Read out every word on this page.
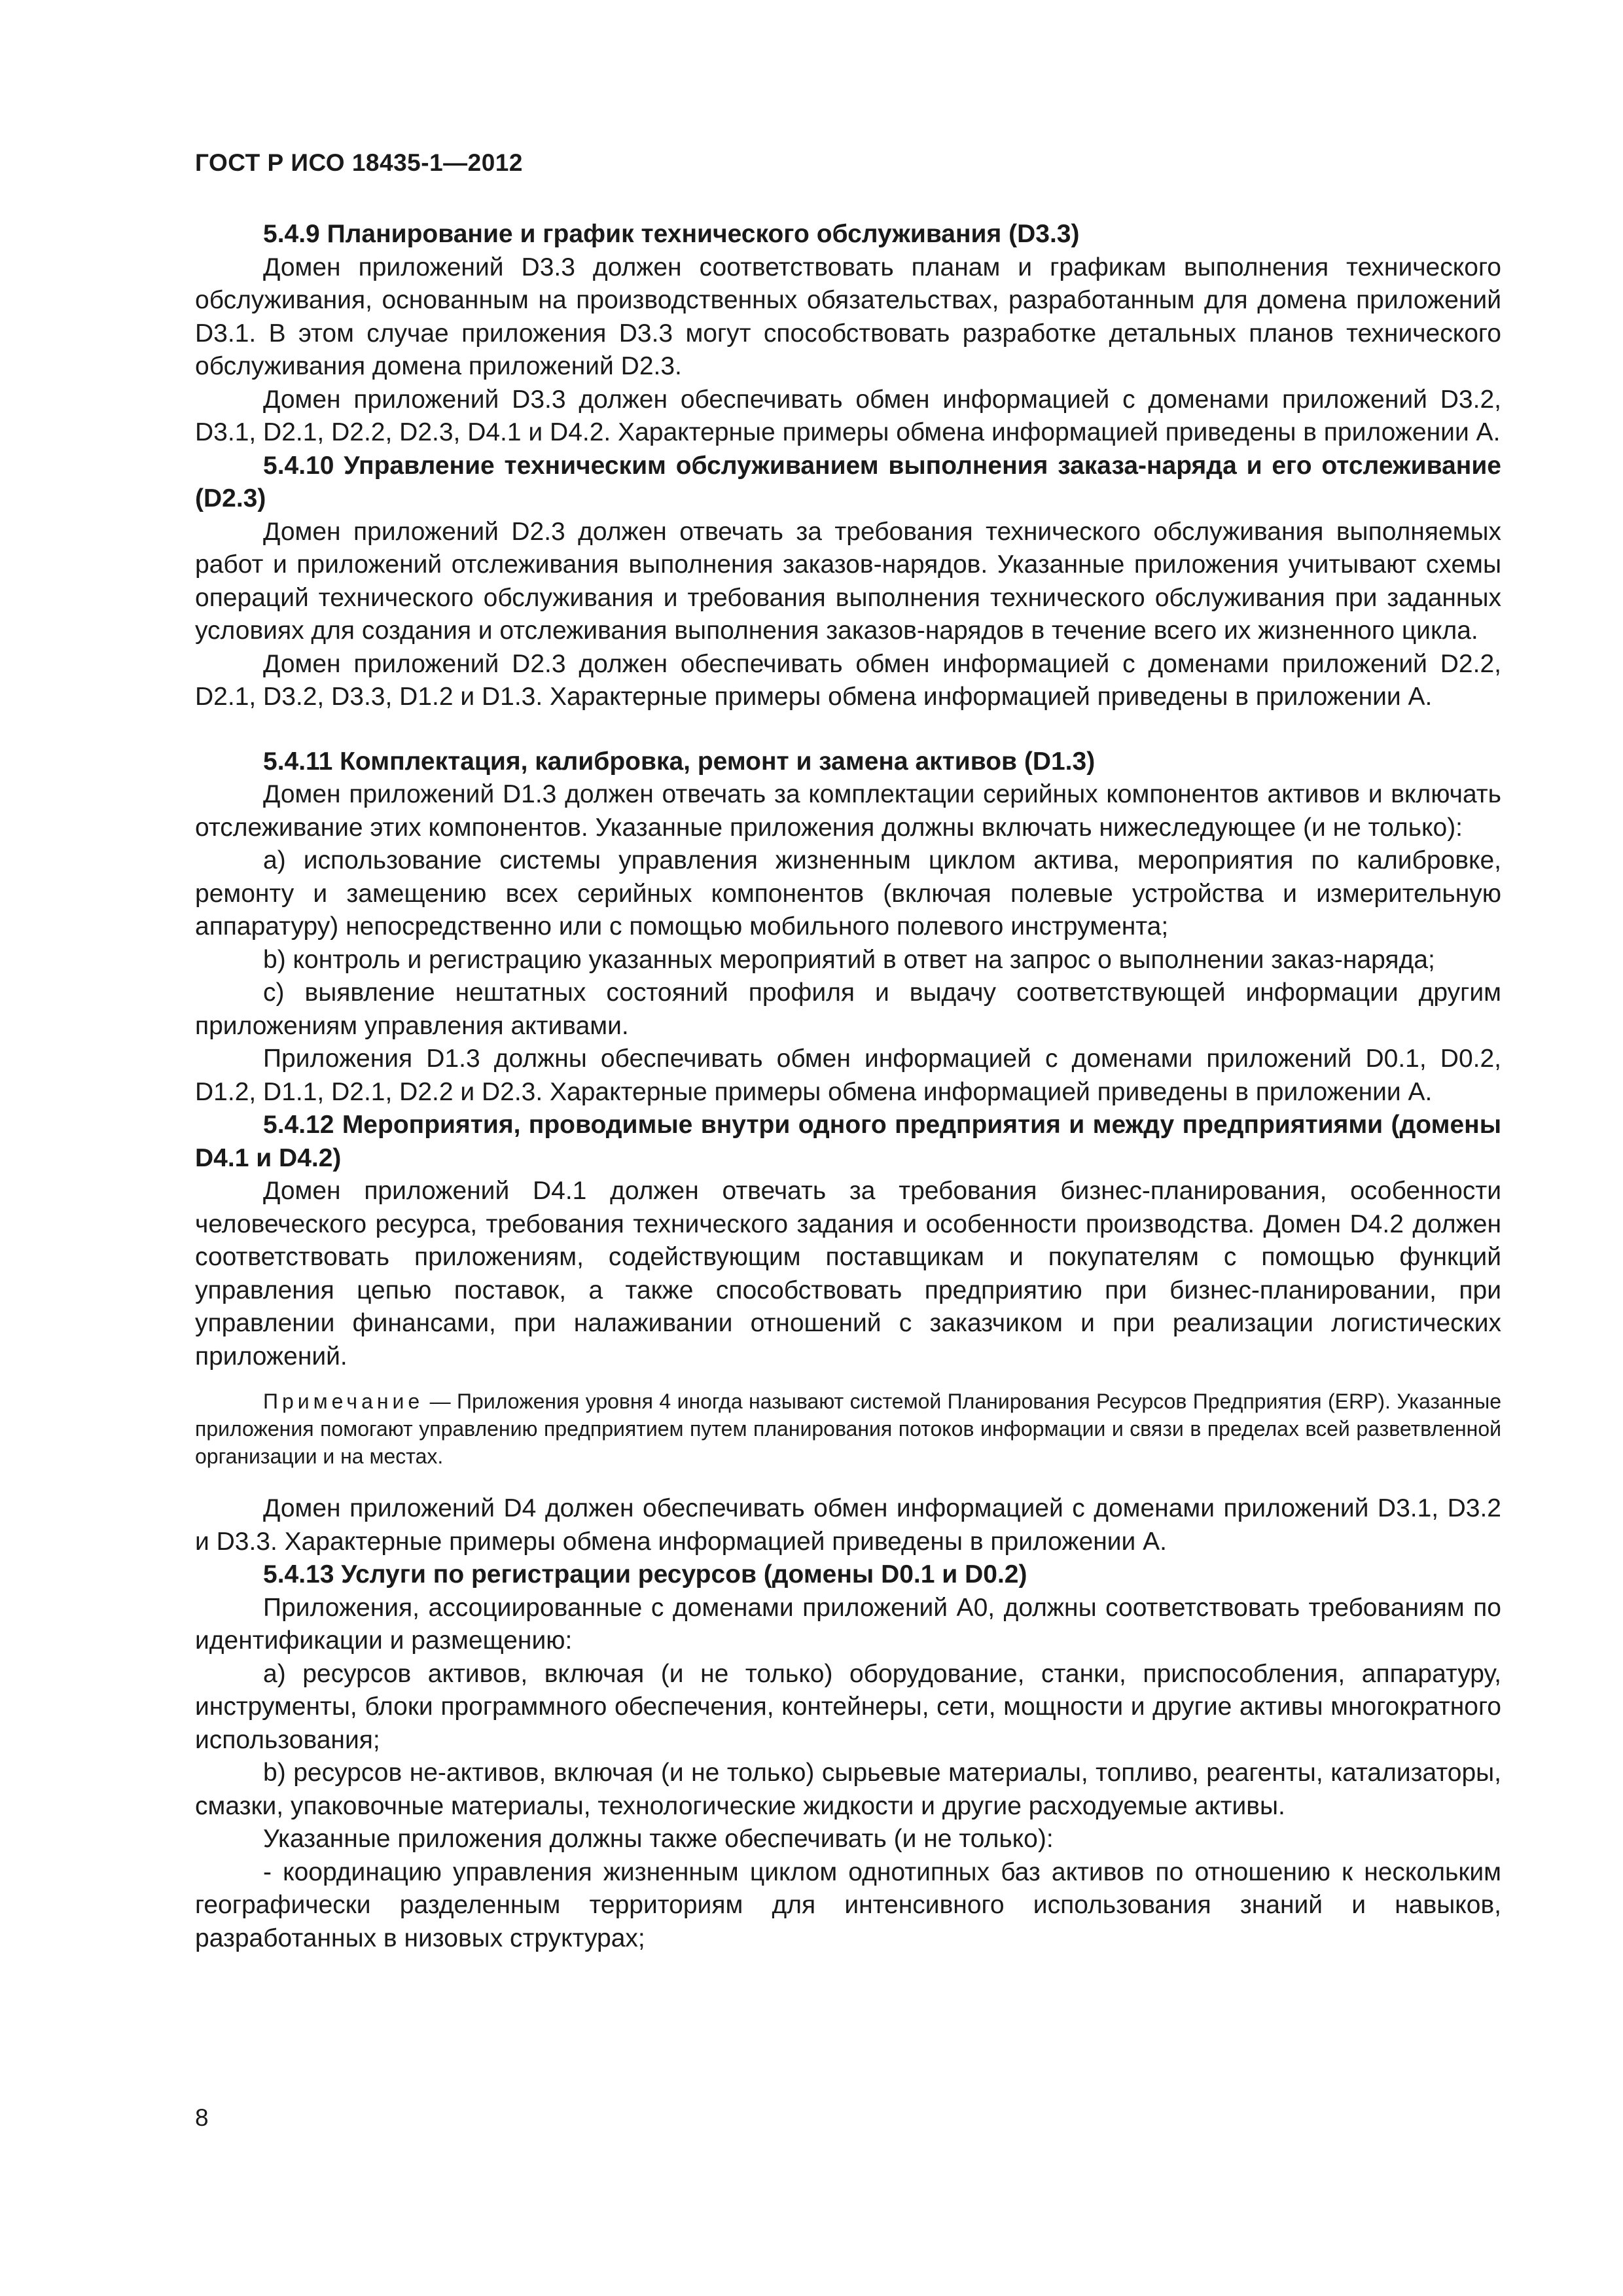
ГОСТ Р ИСО 18435-1—2012

5.4.9 Планирование и график технического обслуживания (D3.3)

Домен приложений D3.3 должен соответствовать планам и графикам выполнения технического обслуживания, основанным на производственных обязательствах, разработанным для домена приложений D3.1. В этом случае приложения D3.3 могут способствовать разработке детальных планов технического обслуживания домена приложений D2.3.

Домен приложений D3.3 должен обеспечивать обмен информацией с доменами приложений D3.2, D3.1, D2.1, D2.2, D2.3, D4.1 и D4.2. Характерные примеры обмена информацией приведены в приложении А.

5.4.10 Управление техническим обслуживанием выполнения заказа-наряда и его отслеживание (D2.3)

Домен приложений D2.3 должен отвечать за требования технического обслуживания выполняемых работ и приложений отслеживания выполнения заказов-нарядов. Указанные приложения учитывают схемы операций технического обслуживания и требования выполнения технического обслуживания при заданных условиях для создания и отслеживания выполнения заказов-нарядов в течение всего их жизненного цикла.

Домен приложений D2.3 должен обеспечивать обмен информацией с доменами приложений D2.2, D2.1, D3.2, D3.3, D1.2 и D1.3. Характерные примеры обмена информацией приведены в приложении А.

5.4.11 Комплектация, калибровка, ремонт и замена активов (D1.3)

Домен приложений D1.3 должен отвечать за комплектации серийных компонентов активов и включать отслеживание этих компонентов. Указанные приложения должны включать нижеследующее (и не только):

a) использование системы управления жизненным циклом актива, мероприятия по калибровке, ремонту и замещению всех серийных компонентов (включая полевые устройства и измерительную аппаратуру) непосредственно или с помощью мобильного полевого инструмента;

b) контроль и регистрацию указанных мероприятий в ответ на запрос о выполнении заказ-наряда;

c) выявление нештатных состояний профиля и выдачу соответствующей информации другим приложениям управления активами.

Приложения D1.3 должны обеспечивать обмен информацией с доменами приложений D0.1, D0.2, D1.2, D1.1, D2.1, D2.2 и D2.3. Характерные примеры обмена информацией приведены в приложении А.

5.4.12 Мероприятия, проводимые внутри одного предприятия и между предприятиями (домены D4.1 и D4.2)

Домен приложений D4.1 должен отвечать за требования бизнес-планирования, особенности человеческого ресурса, требования технического задания и особенности производства. Домен D4.2 должен соответствовать приложениям, содействующим поставщикам и покупателям с помощью функций управления цепью поставок, а также способствовать предприятию при бизнес-планировании, при управлении финансами, при налаживании отношений с заказчиком и при реализации логистических приложений.

Примечание — Приложения уровня 4 иногда называют системой Планирования Ресурсов Предприятия (ERP). Указанные приложения помогают управлению предприятием путем планирования потоков информации и связи в пределах всей разветвленной организации и на местах.

Домен приложений D4 должен обеспечивать обмен информацией с доменами приложений D3.1, D3.2 и D3.3. Характерные примеры обмена информацией приведены в приложении А.

5.4.13 Услуги по регистрации ресурсов (домены D0.1 и D0.2)

Приложения, ассоциированные с доменами приложений A0, должны соответствовать требованиям по идентификации и размещению:

a) ресурсов активов, включая (и не только) оборудование, станки, приспособления, аппаратуру, инструменты, блоки программного обеспечения, контейнеры, сети, мощности и другие активы многократного использования;

b) ресурсов не-активов, включая (и не только) сырьевые материалы, топливо, реагенты, катализаторы, смазки, упаковочные материалы, технологические жидкости и другие расходуемые активы.

Указанные приложения должны также обеспечивать (и не только):

- координацию управления жизненным циклом однотипных баз активов по отношению к нескольким географически разделенным территориям для интенсивного использования знаний и навыков, разработанных в низовых структурах;

8
